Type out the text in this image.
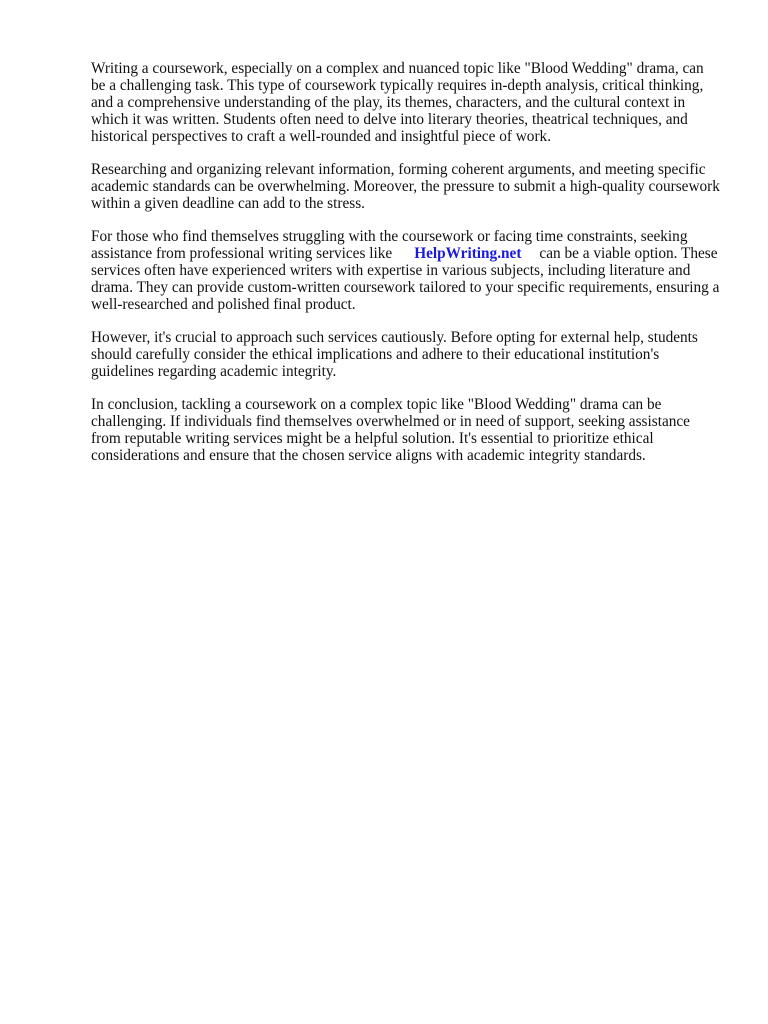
Writing a coursework, especially on a complex and nuanced topic like "Blood Wedding" drama, can be a challenging task. This type of coursework typically requires in-depth analysis, critical thinking, and a comprehensive understanding of the play, its themes, characters, and the cultural context in which it was written. Students often need to delve into literary theories, theatrical techniques, and historical perspectives to craft a well-rounded and insightful piece of work.

Researching and organizing relevant information, forming coherent arguments, and meeting specific academic standards can be overwhelming. Moreover, the pressure to submit a high-quality coursework within a given deadline can add to the stress.

For those who find themselves struggling with the coursework or facing time constraints, seeking assistance from professional writing services like HelpWriting.net can be a viable option. These services often have experienced writers with expertise in various subjects, including literature and drama. They can provide custom-written coursework tailored to your specific requirements, ensuring a well-researched and polished final product.

However, it's crucial to approach such services cautiously. Before opting for external help, students should carefully consider the ethical implications and adhere to their educational institution's guidelines regarding academic integrity.

In conclusion, tackling a coursework on a complex topic like "Blood Wedding" drama can be challenging. If individuals find themselves overwhelmed or in need of support, seeking assistance from reputable writing services might be a helpful solution. It's essential to prioritize ethical considerations and ensure that the chosen service aligns with academic integrity standards.
